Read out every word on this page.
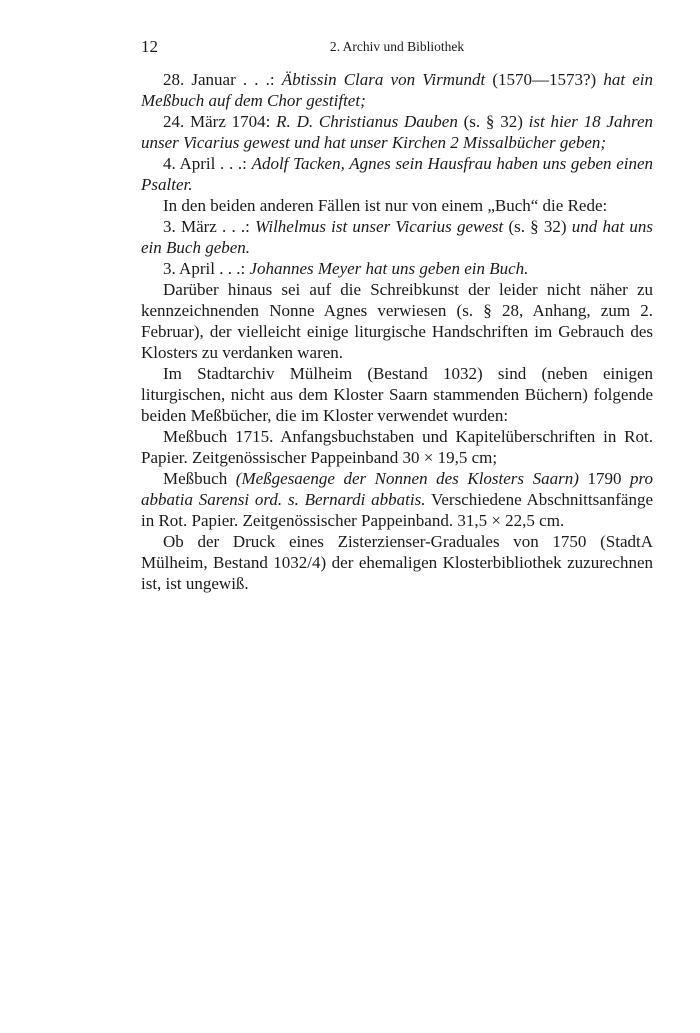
12	2. Archiv und Bibliothek

28. Januar . . .: Äbtissin Clara von Virmundt (1570—1573?) hat ein Meßbuch auf dem Chor gestiftet;

24. März 1704: R. D. Christianus Dauben (s. § 32) ist hier 18 Jahren unser Vicarius gewest und hat unser Kirchen 2 Missalbücher geben;

4. April . . .: Adolf Tacken, Agnes sein Hausfrau haben uns geben einen Psalter.

In den beiden anderen Fällen ist nur von einem „Buch“ die Rede:

3. März . . .: Wilhelmus ist unser Vicarius gewest (s. § 32) und hat uns ein Buch geben.

3. April . . .: Johannes Meyer hat uns geben ein Buch.

Darüber hinaus sei auf die Schreibkunst der leider nicht näher zu kennzeichnenden Nonne Agnes verwiesen (s. § 28, Anhang, zum 2. Februar), der vielleicht einige liturgische Handschriften im Gebrauch des Klosters zu verdanken waren.

Im Stadtarchiv Mülheim (Bestand 1032) sind (neben einigen liturgischen, nicht aus dem Kloster Saarn stammenden Büchern) folgende beiden Meßbücher, die im Kloster verwendet wurden:

Meßbuch 1715. Anfangsbuchstaben und Kapitelüberschriften in Rot. Papier. Zeitgenössischer Pappeinband 30 × 19,5 cm;

Meßbuch (Meßgesaenge der Nonnen des Klosters Saarn) 1790 pro abbatia Sarensi ord. s. Bernardi abbatis. Verschiedene Abschnittsanfänge in Rot. Papier. Zeitgenössischer Pappeinband. 31,5 × 22,5 cm.

Ob der Druck eines Zisterzienser-Graduales von 1750 (StadtA Mülheim, Bestand 1032/4) der ehemaligen Klosterbibliothek zuzurechnen ist, ist ungewiß.
